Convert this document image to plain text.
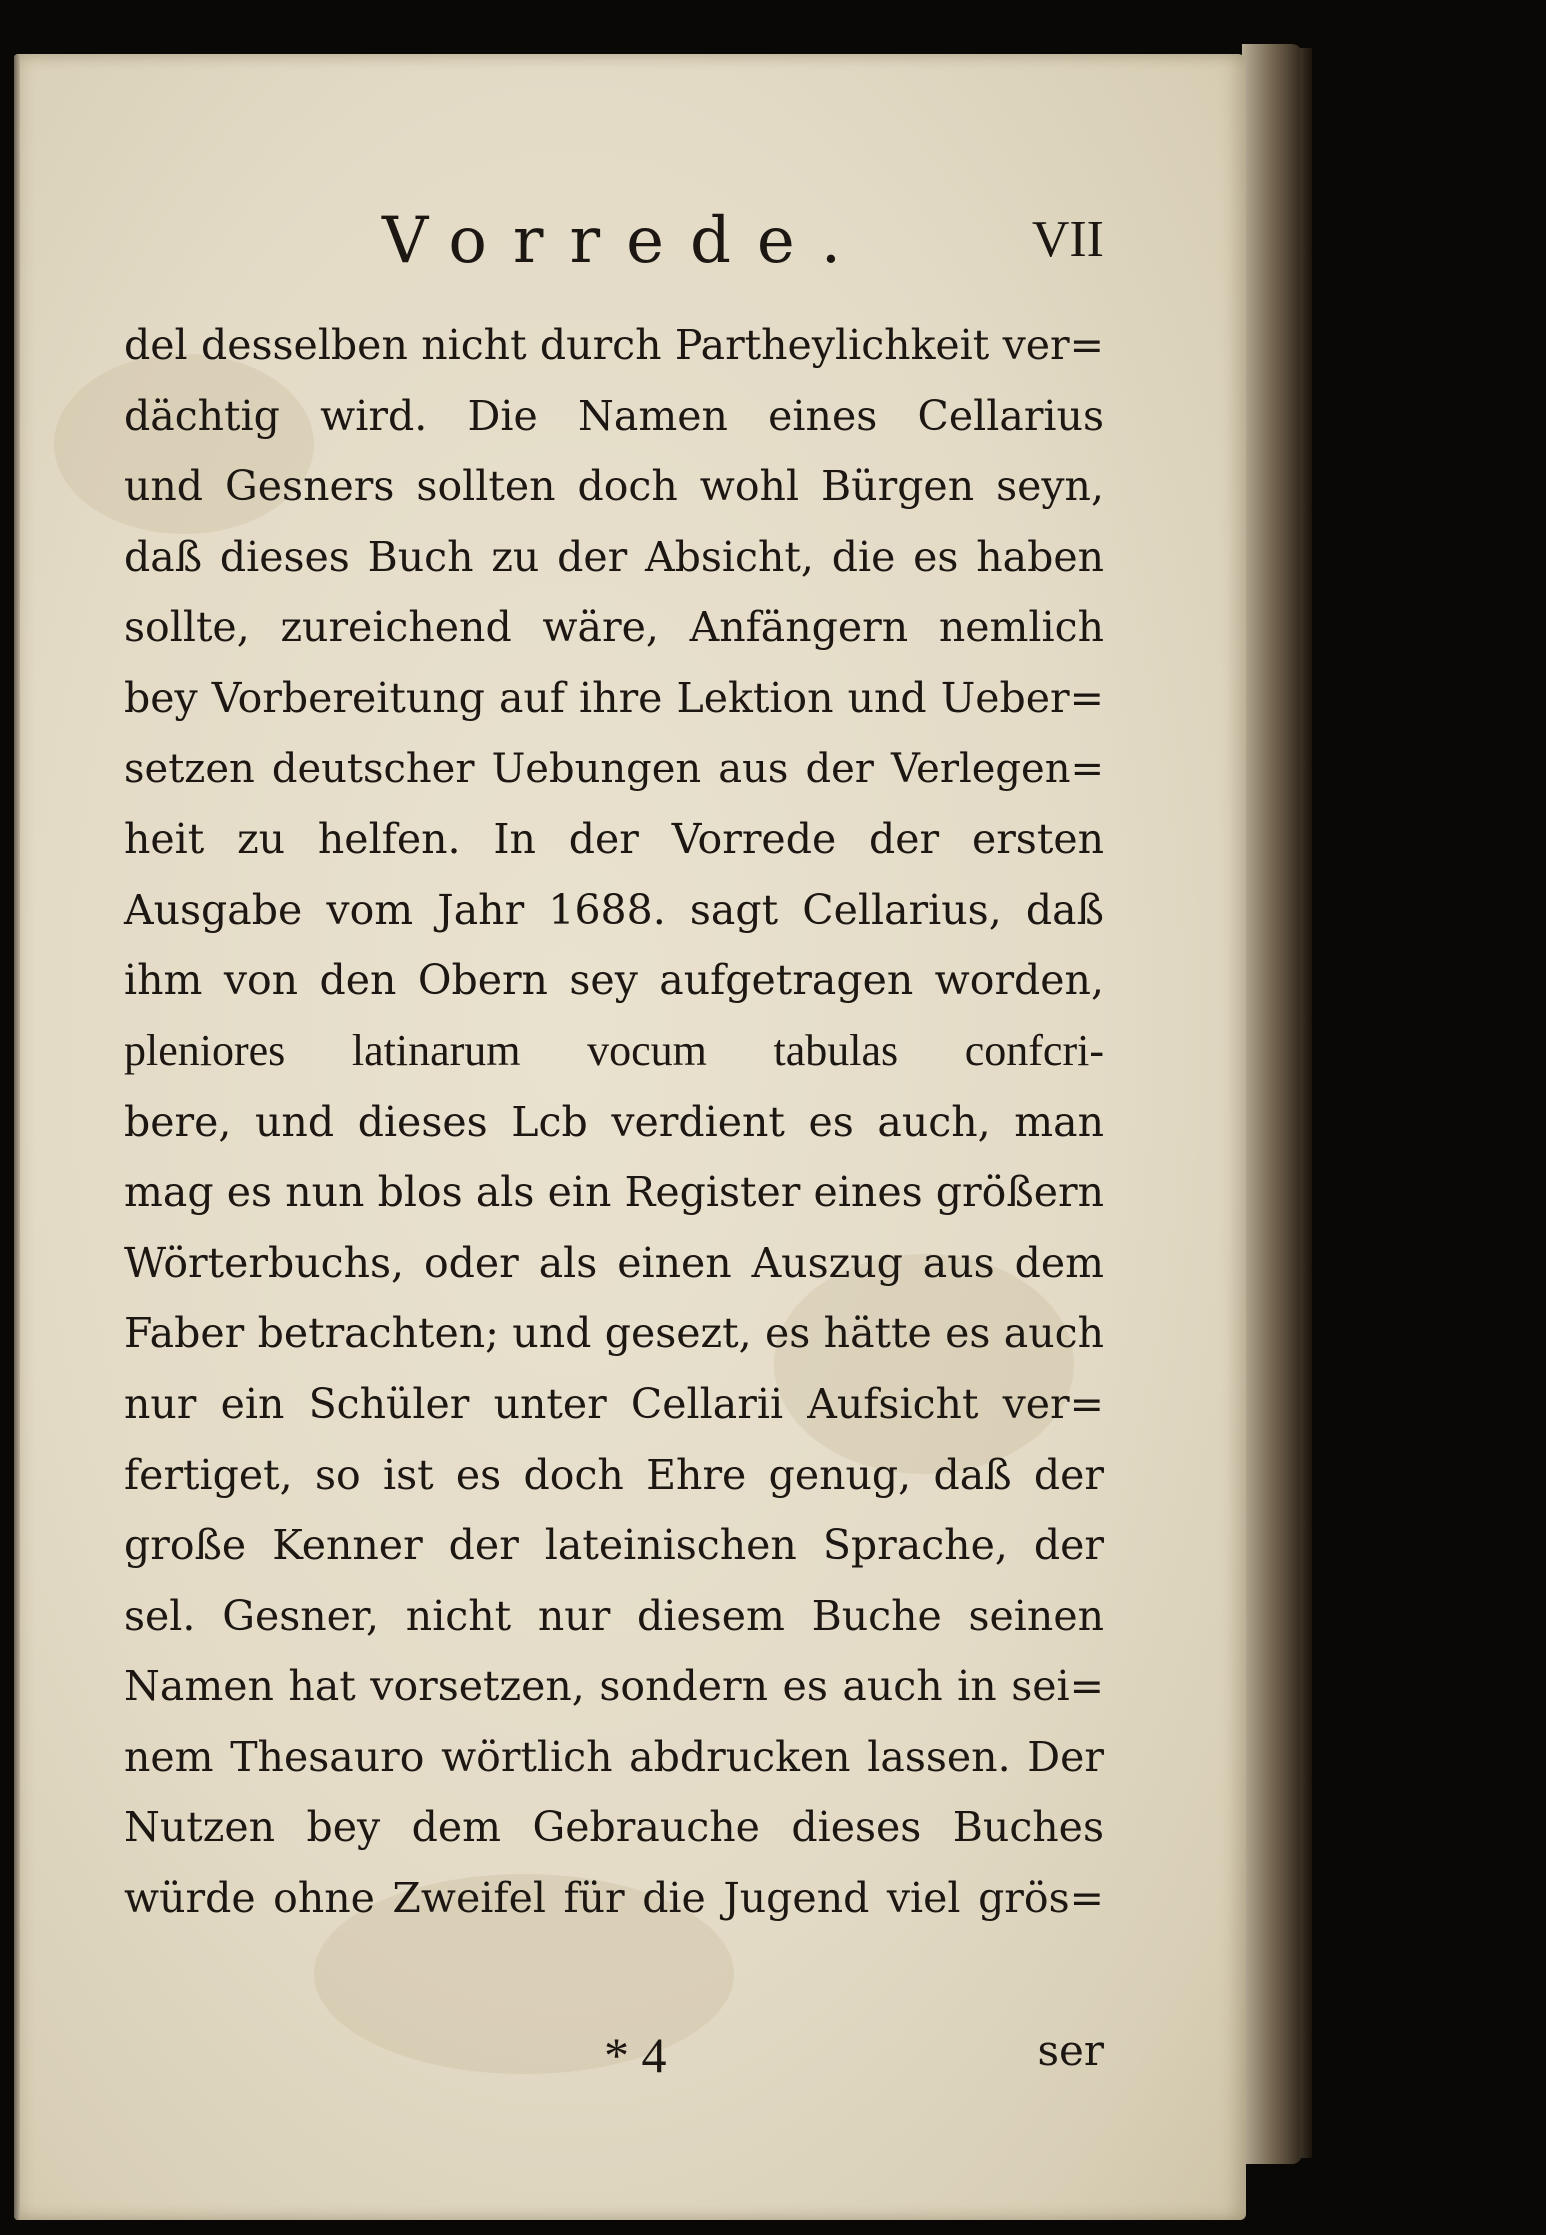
Vorrede.	VII
del desselben nicht durch Partheylichkeit ver=
dächtig wird. Die Namen eines Cellarius
und Gesners sollten doch wohl Bürgen seyn,
daß dieses Buch zu der Absicht, die es haben
sollte, zureichend wäre, Anfängern nemlich
bey Vorbereitung auf ihre Lektion und Ueber=
setzen deutscher Uebungen aus der Verlegen=
heit zu helfen. In der Vorrede der ersten
Ausgabe vom Jahr 1688. sagt Cellarius, daß
ihm von den Obern sey aufgetragen worden,
pleniores latinarum vocum tabulas confcri-
bere, und dieses Lcb verdient es auch, man
mag es nun blos als ein Register eines größern
Wörterbuchs, oder als einen Auszug aus dem
Faber betrachten; und gesezt, es hätte es auch
nur ein Schüler unter Cellarii Aufsicht ver=
fertiget, so ist es doch Ehre genug, daß der
große Kenner der lateinischen Sprache, der
sel. Gesner, nicht nur diesem Buche seinen
Namen hat vorsetzen, sondern es auch in sei=
nem Thesauro wörtlich abdrucken lassen. Der
Nutzen bey dem Gebrauche dieses Buches
würde ohne Zweifel für die Jugend viel grös=
* 4	ser
